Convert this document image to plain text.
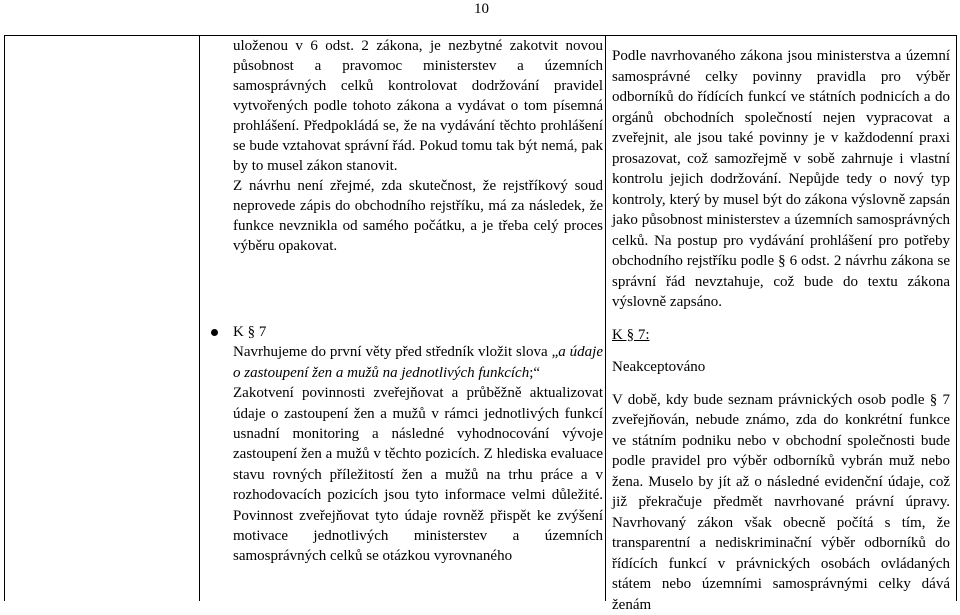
10

uloženou v 6 odst. 2 zákona, je nezbytné zakotvit novou působnost a pravomoc ministerstev a územních samosprávných celků kontrolovat dodržování pravidel vytvořených podle tohoto zákona a vydávat o tom písemná prohlášení. Předpokládá se, že na vydávání těchto prohlášení se bude vztahovat správní řád. Pokud tomu tak být nemá, pak by to musel zákon stanovit.

Z návrhu není zřejmé, zda skutečnost, že rejstříkový soud neprovede zápis do obchodního rejstříku, má za následek, že funkce nevznikla od samého počátku, a je třeba celý proces výběru opakovat.

K § 7

Navrhujeme do první věty před středník vložit slova „a údaje o zastoupení žen a mužů na jednotlivých funkcích;“

Zakotvení povinnosti zveřejňovat a průběžně aktualizovat údaje o zastoupení žen a mužů v rámci jednotlivých funkcí usnadní monitoring a následné vyhodnocování vývoje zastoupení žen a mužů v těchto pozicích. Z hlediska evaluace stavu rovných příležitostí žen a mužů na trhu práce a v rozhodovacích pozicích jsou tyto informace velmi důležité. Povinnost zveřejňovat tyto údaje rovněž přispět ke zvýšení motivace jednotlivých ministerstev a územních samosprávných celků se otázkou vyrovnaného

Podle navrhovaného zákona jsou ministerstva a územní samosprávné celky povinny pravidla pro výběr odborníků do řídících funkcí ve státních podnicích a do orgánů obchodních společností nejen vypracovat a zveřejnit, ale jsou také povinny je v každodenní praxi prosazovat, což samozřejmě v sobě zahrnuje i vlastní kontrolu jejich dodržování. Nepůjde tedy o nový typ kontroly, který by musel být do zákona výslovně zapsán jako působnost ministerstev a územních samosprávných celků. Na postup pro vydávání prohlášení pro potřeby obchodního rejstříku podle § 6 odst. 2 návrhu zákona se správní řád nevztahuje, což bude do textu zákona výslovně zapsáno.

K § 7:

Neakceptováno

V době, kdy bude seznam právnických osob podle § 7 zveřejňován, nebude známo, zda do konkrétní funkce ve státním podniku nebo v obchodní společnosti bude podle pravidel pro výběr odborníků vybrán muž nebo žena. Muselo by jít až o následné evidenční údaje, což již překračuje předmět navrhované právní úpravy. Navrhovaný zákon však obecně počítá s tím, že transparentní a nediskriminační výběr odborníků do řídících funkcí v právnických osobách ovládaných státem nebo územními samosprávnými celky dává ženám
